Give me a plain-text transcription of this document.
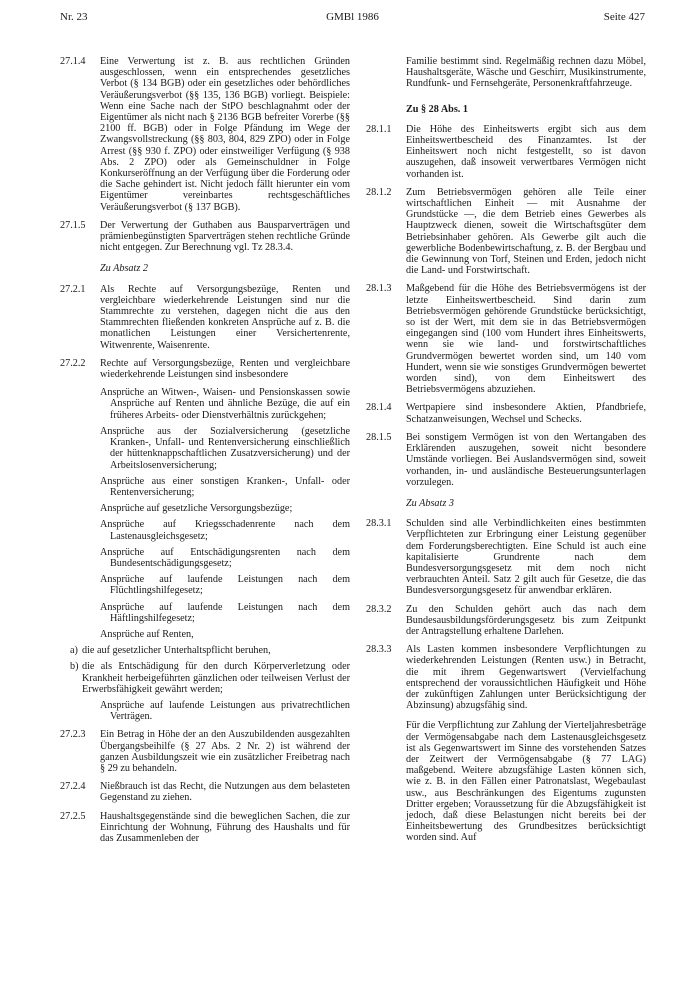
Nr. 23	GMBl 1986	Seite 427
27.1.4 Eine Verwertung ist z. B. aus rechtlichen Gründen ausgeschlossen, wenn ein entsprechendes gesetzliches Verbot (§ 134 BGB) oder ein gesetzliches oder behördliches Veräußerungsverbot (§§ 135, 136 BGB) vorliegt. Beispiele: Wenn eine Sache nach der StPO beschlagnahmt oder der Eigentümer als nicht nach § 2136 BGB befreiter Vorerbe (§§ 2100 ff. BGB) oder in Folge Pfändung im Wege der Zwangsvollstreckung (§§ 803, 804, 829 ZPO) oder in Folge Arrest (§§ 930 f. ZPO) oder einstweiliger Verfügung (§ 938 Abs. 2 ZPO) oder als Gemeinschuldner in Folge Konkurseröffnung an der Verfügung über die Forderung oder die Sache gehindert ist. Nicht jedoch fällt hierunter ein vom Eigentümer vereinbartes rechtsgeschäftliches Veräußerungsverbot (§ 137 BGB).
27.1.5 Der Verwertung der Guthaben aus Bausparverträgen und prämienbegünstigten Sparverträgen stehen rechtliche Gründe nicht entgegen. Zur Berechnung vgl. Tz 28.3.4.
Zu Absatz 2
27.2.1 Als Rechte auf Versorgungsbezüge, Renten und vergleichbare wiederkehrende Leistungen sind nur die Stammrechte zu verstehen, dagegen nicht die aus den Stammrechten fließenden konkreten Ansprüche auf z. B. die monatlichen Leistungen einer Versichertenrente, Witwenrente, Waisenrente.
27.2.2 Rechte auf Versorgungsbezüge, Renten und vergleichbare wiederkehrende Leistungen sind insbesondere
Ansprüche an Witwen-, Waisen- und Pensionskassen sowie Ansprüche auf Renten und ähnliche Bezüge, die auf ein früheres Arbeits- oder Dienstverhältnis zurückgehen;
Ansprüche aus der Sozialversicherung (gesetzliche Kranken-, Unfall- und Rentenversicherung einschließlich der hüttenknappschaftlichen Zusatzversicherung) und der Arbeitslosenversicherung;
Ansprüche aus einer sonstigen Kranken-, Unfall- oder Rentenversicherung;
Ansprüche auf gesetzliche Versorgungsbezüge;
Ansprüche auf Kriegsschadenrente nach dem Lastenausgleichsgesetz;
Ansprüche auf Entschädigungsrenten nach dem Bundesentschädigungsgesetz;
Ansprüche auf laufende Leistungen nach dem Flüchtlingshilfegesetz;
Ansprüche auf laufende Leistungen nach dem Häftlingshilfegesetz;
Ansprüche auf Renten,
a) die auf gesetzlicher Unterhaltspflicht beruhen,
b) die als Entschädigung für den durch Körperverletzung oder Krankheit herbeigeführten gänzlichen oder teilweisen Verlust der Erwerbsfähigkeit gewährt werden;
Ansprüche auf laufende Leistungen aus privatrechtlichen Verträgen.
27.2.3 Ein Betrag in Höhe der an den Auszubildenden ausgezahlten Übergangsbeihilfe (§ 27 Abs. 2 Nr. 2) ist während der ganzen Ausbildungszeit wie ein zusätzlicher Freibetrag nach § 29 zu behandeln.
27.2.4 Nießbrauch ist das Recht, die Nutzungen aus dem belasteten Gegenstand zu ziehen.
27.2.5 Haushaltsgegenstände sind die beweglichen Sachen, die zur Einrichtung der Wohnung, Führung des Haushalts und für das Zusammenleben der
Familie bestimmt sind. Regelmäßig rechnen dazu Möbel, Haushaltsgeräte, Wäsche und Geschirr, Musikinstrumente, Rundfunk- und Fernsehgeräte, Personenkraftfahrzeuge.
Zu § 28 Abs. 1
28.1.1 Die Höhe des Einheitswerts ergibt sich aus dem Einheitswertbescheid des Finanzamtes. Ist der Einheitswert noch nicht festgestellt, so ist davon auszugehen, daß insoweit verwertbares Vermögen nicht vorhanden ist.
28.1.2 Zum Betriebsvermögen gehören alle Teile einer wirtschaftlichen Einheit — mit Ausnahme der Grundstücke —, die dem Betrieb eines Gewerbes als Hauptzweck dienen, soweit die Wirtschaftsgüter dem Betriebsinhaber gehören. Als Gewerbe gilt auch die gewerbliche Bodenbewirtschaftung, z. B. der Bergbau und die Gewinnung von Torf, Steinen und Erden, jedoch nicht die Land- und Forstwirtschaft.
28.1.3 Maßgebend für die Höhe des Betriebsvermögens ist der letzte Einheitswertbescheid. Sind darin zum Betriebsvermögen gehörende Grundstücke berücksichtigt, so ist der Wert, mit dem sie in das Betriebsvermögen eingegangen sind (100 vom Hundert ihres Einheitswerts, wenn sie wie land- und forstwirtschaftliches Grundvermögen bewertet worden sind, um 140 vom Hundert, wenn sie wie sonstiges Grundvermögen bewertet worden sind), von dem Einheitswert des Betriebsvermögens abzuziehen.
28.1.4 Wertpapiere sind insbesondere Aktien, Pfandbriefe, Schatzanweisungen, Wechsel und Schecks.
28.1.5 Bei sonstigem Vermögen ist von den Wertangaben des Erklärenden auszugehen, soweit nicht besondere Umstände vorliegen. Bei Auslandsvermögen sind, soweit vorhanden, in- und ausländische Besteuerungsunterlagen vorzulegen.
Zu Absatz 3
28.3.1 Schulden sind alle Verbindlichkeiten eines bestimmten Verpflichteten zur Erbringung einer Leistung gegenüber dem Forderungsberechtigten. Eine Schuld ist auch eine kapitalisierte Grundrente nach dem Bundesversorgungsgesetz mit dem noch nicht verbrauchten Anteil. Satz 2 gilt auch für Gesetze, die das Bundesversorgungsgesetz für anwendbar erklären.
28.3.2 Zu den Schulden gehört auch das nach dem Bundesausbildungsförderungsgesetz bis zum Zeitpunkt der Antragstellung erhaltene Darlehen.
28.3.3 Als Lasten kommen insbesondere Verpflichtungen zu wiederkehrenden Leistungen (Renten usw.) in Betracht, die mit ihrem Gegenwartswert (Vervielfachung entsprechend der voraussichtlichen Häufigkeit und Höhe der zukünftigen Zahlungen unter Berücksichtigung der Abzinsung) abzugsfähig sind.
Für die Verpflichtung zur Zahlung der Vierteljahresbeträge der Vermögensabgabe nach dem Lastenausgleichsgesetz ist als Gegenwartswert im Sinne des vorstehenden Satzes der Zeitwert der Vermögensabgabe (§ 77 LAG) maßgebend. Weitere abzugsfähige Lasten können sich, wie z. B. in den Fällen einer Patronatslast, Wegebaulast usw., aus Beschränkungen des Eigentums zugunsten Dritter ergeben; Voraussetzung für die Abzugsfähigkeit ist jedoch, daß diese Belastungen nicht bereits bei der Einheitsbewertung des Grundbesitzes berücksichtigt worden sind. Auf
